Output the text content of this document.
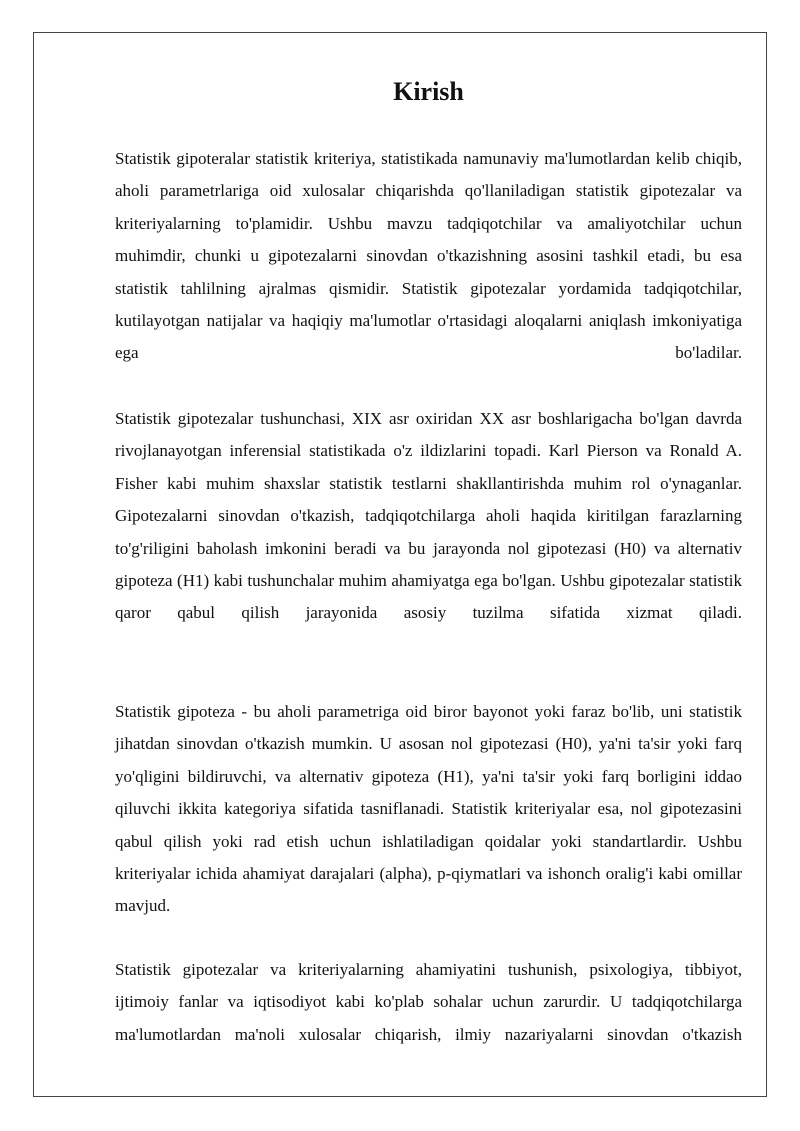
Kirish

Statistik gipoteralar statistik kriteriya, statistikada namunaviy ma'lumotlardan kelib chiqib, aholi parametrlariga oid xulosalar chiqarishda qo'llaniladigan statistik gipotezalar va kriteriyalarning to'plamidir. Ushbu mavzu tadqiqotchilar va amaliyotchilar uchun muhimdir, chunki u gipotezalarni sinovdan o'tkazishning asosini tashkil etadi, bu esa statistik tahlilning ajralmas qismidir. Statistik gipotezalar yordamida tadqiqotchilar, kutilayotgan natijalar va haqiqiy ma'lumotlar o'rtasidagi aloqalarni aniqlash imkoniyatiga ega bo'ladilar.

Statistik gipotezalar tushunchasi, XIX asr oxiridan XX asr boshlarigacha bo'lgan davrda rivojlanayotgan inferensial statistikada o'z ildizlarini topadi. Karl Pierson va Ronald A. Fisher kabi muhim shaxslar statistik testlarni shakllantirishda muhim rol o'ynaganlar. Gipotezalarni sinovdan o'tkazish, tadqiqotchilarga aholi haqida kiritilgan farazlarning to'g'riligini baholash imkonini beradi va bu jarayonda nol gipotezasi (H0) va alternativ gipoteza (H1) kabi tushunchalar muhim ahamiyatga ega bo'lgan. Ushbu gipotezalar statistik qaror qabul qilish jarayonida asosiy tuzilma sifatida xizmat qiladi.

Statistik gipoteza - bu aholi parametriga oid biror bayonot yoki faraz bo'lib, uni statistik jihatdan sinovdan o'tkazish mumkin. U asosan nol gipotezasi (H0), ya'ni ta'sir yoki farq yo'qligini bildiruvchi, va alternativ gipoteza (H1), ya'ni ta'sir yoki farq borligini iddao qiluvchi ikkita kategoriya sifatida tasniflanadi. Statistik kriteriyalar esa, nol gipotezasini qabul qilish yoki rad etish uchun ishlatiladigan qoidalar yoki standartlardir. Ushbu kriteriyalar ichida ahamiyat darajalari (alpha), p-qiymatlari va ishonch oralig'i kabi omillar mavjud.

Statistik gipotezalar va kriteriyalarning ahamiyatini tushunish, psixologiya, tibbiyot, ijtimoiy fanlar va iqtisodiyot kabi ko'plab sohalar uchun zarurdir. U tadqiqotchilarga ma'lumotlardan ma'noli xulosalar chiqarish, ilmiy nazariyalarni sinovdan o'tkazish
